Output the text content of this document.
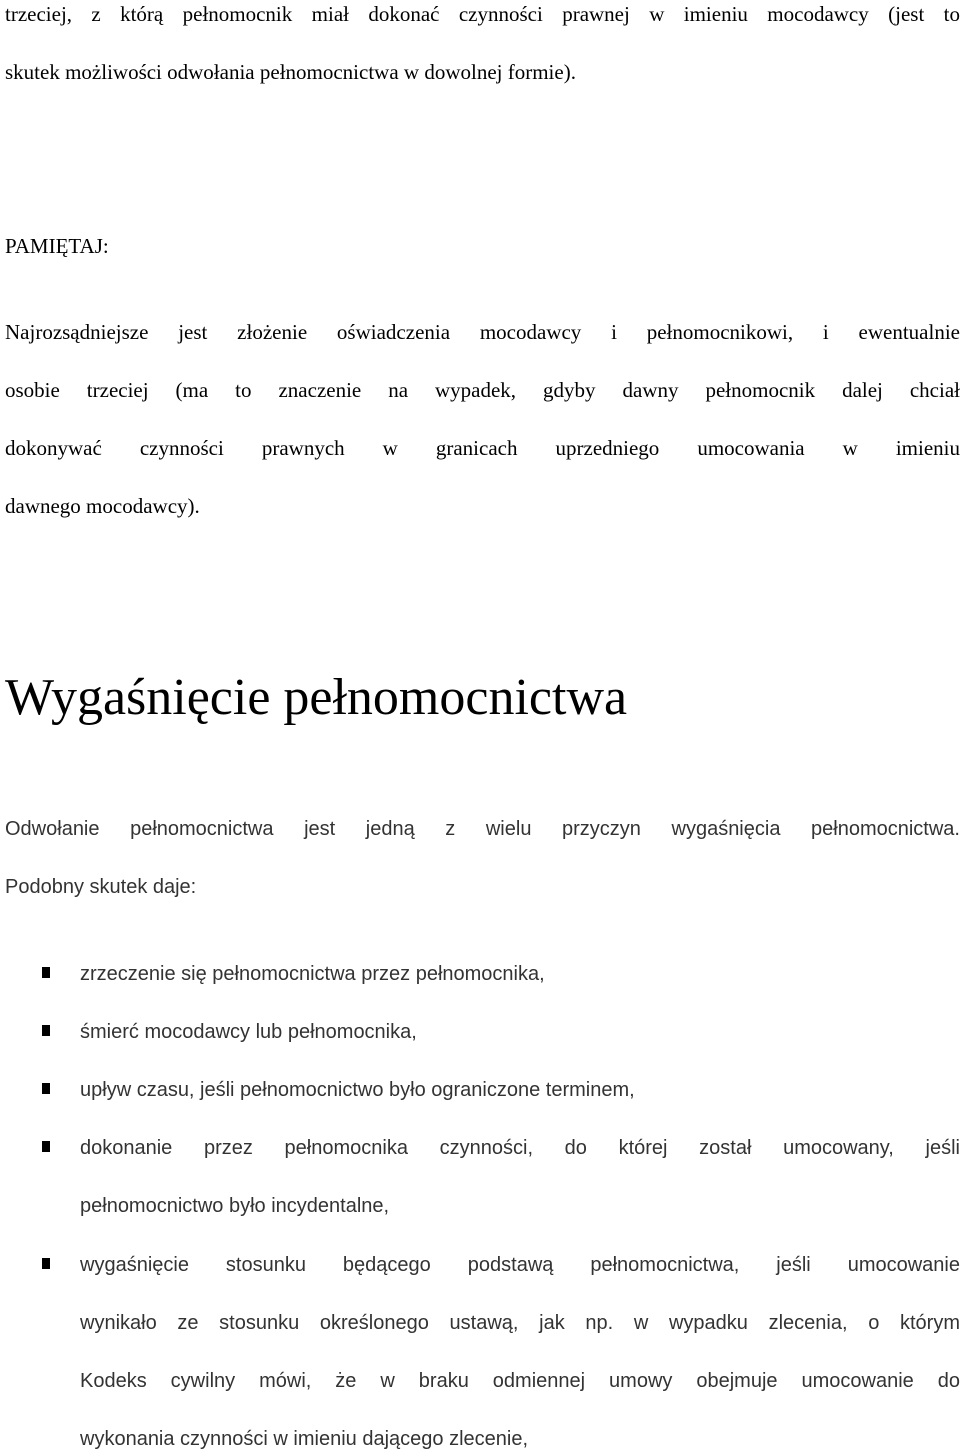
trzeciej, z którą pełnomocnik miał dokonać czynności prawnej w imieniu mocodawcy (jest to
skutek możliwości odwołania pełnomocnictwa w dowolnej formie).
PAMIĘTAJ:
Najrozsądniejsze jest złożenie oświadczenia mocodawcy i pełnomocnikowi, i ewentualnie
osobie trzeciej (ma to znaczenie na wypadek, gdyby dawny pełnomocnik dalej chciał
dokonywać czynności prawnych w granicach uprzedniego umocowania w imieniu
dawnego mocodawcy).
Wygaśnięcie pełnomocnictwa
Odwołanie pełnomocnictwa jest jedną z wielu przyczyn wygaśnięcia pełnomocnictwa.
Podobny skutek daje:
zrzeczenie się pełnomocnictwa przez pełnomocnika,
śmierć mocodawcy lub pełnomocnika,
upływ czasu, jeśli pełnomocnictwo było ograniczone terminem,
dokonanie przez pełnomocnika czynności, do której został umocowany, jeśli
pełnomocnictwo było incydentalne,
wygaśnięcie stosunku będącego podstawą pełnomocnictwa, jeśli umocowanie
wynikało ze stosunku określonego ustawą, jak np. w wypadku zlecenia, o którym
Kodeks cywilny mówi, że w braku odmiennej umowy obejmuje umocowanie do
wykonania czynności w imieniu dającego zlecenie,
